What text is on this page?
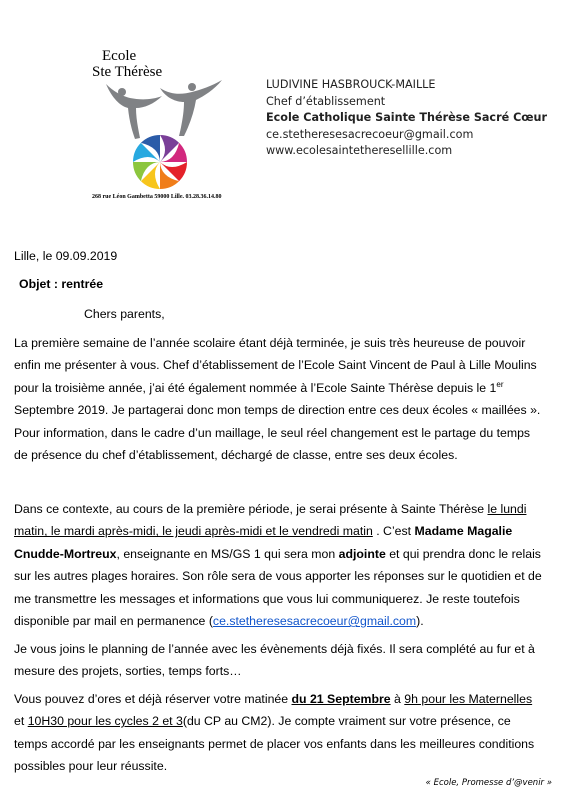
Ecole
Ste Thérèse
268 rue Léon Gambetta 59000 Lille. 03.28.36.14.80
LUDIVINE HASBROUCK-MAILLE
Chef d’établissement
Ecole Catholique Sainte Thérèse Sacré Cœur
ce.stetheresesacrecoeur@gmail.com
www.ecolesaintetheresellille.com
Lille, le 09.09.2019
Objet : rentrée
Chers parents,
La première semaine de l’année scolaire étant déjà terminée, je suis très heureuse de pouvoir
enfin me présenter à vous. Chef d’établissement de l’Ecole Saint Vincent de Paul à Lille Moulins
pour la troisième année, j’ai été également nommée à l’Ecole Sainte Thérèse depuis le 1er
Septembre 2019. Je partagerai donc mon temps de direction entre ces deux écoles « maillées ».
Pour information, dans le cadre d’un maillage, le seul réel changement est le partage du temps
de présence du chef d’établissement, déchargé de classe, entre ses deux écoles.
Dans ce contexte, au cours de la première période, je serai présente à Sainte Thérèse le lundi
matin, le mardi après-midi, le jeudi après-midi et le vendredi matin . C’est Madame Magalie
Cnudde-Mortreux, enseignante en MS/GS 1 qui sera mon adjointe et qui prendra donc le relais
sur les autres plages horaires. Son rôle sera de vous apporter les réponses sur le quotidien et de
me transmettre les messages et informations que vous lui communiquerez. Je reste toutefois
disponible par mail en permanence (ce.stetheresesacrecoeur@gmail.com).
Je vous joins le planning de l’année avec les évènements déjà fixés. Il sera complété au fur et à
mesure des projets, sorties, temps forts…
Vous pouvez d’ores et déjà réserver votre matinée du 21 Septembre à 9h pour les Maternelles
et 10H30 pour les cycles 2 et 3(du CP au CM2). Je compte vraiment sur votre présence, ce
temps accordé par les enseignants permet de placer vos enfants dans les meilleures conditions
possibles pour leur réussite.
« Ecole, Promesse d’@venir »
